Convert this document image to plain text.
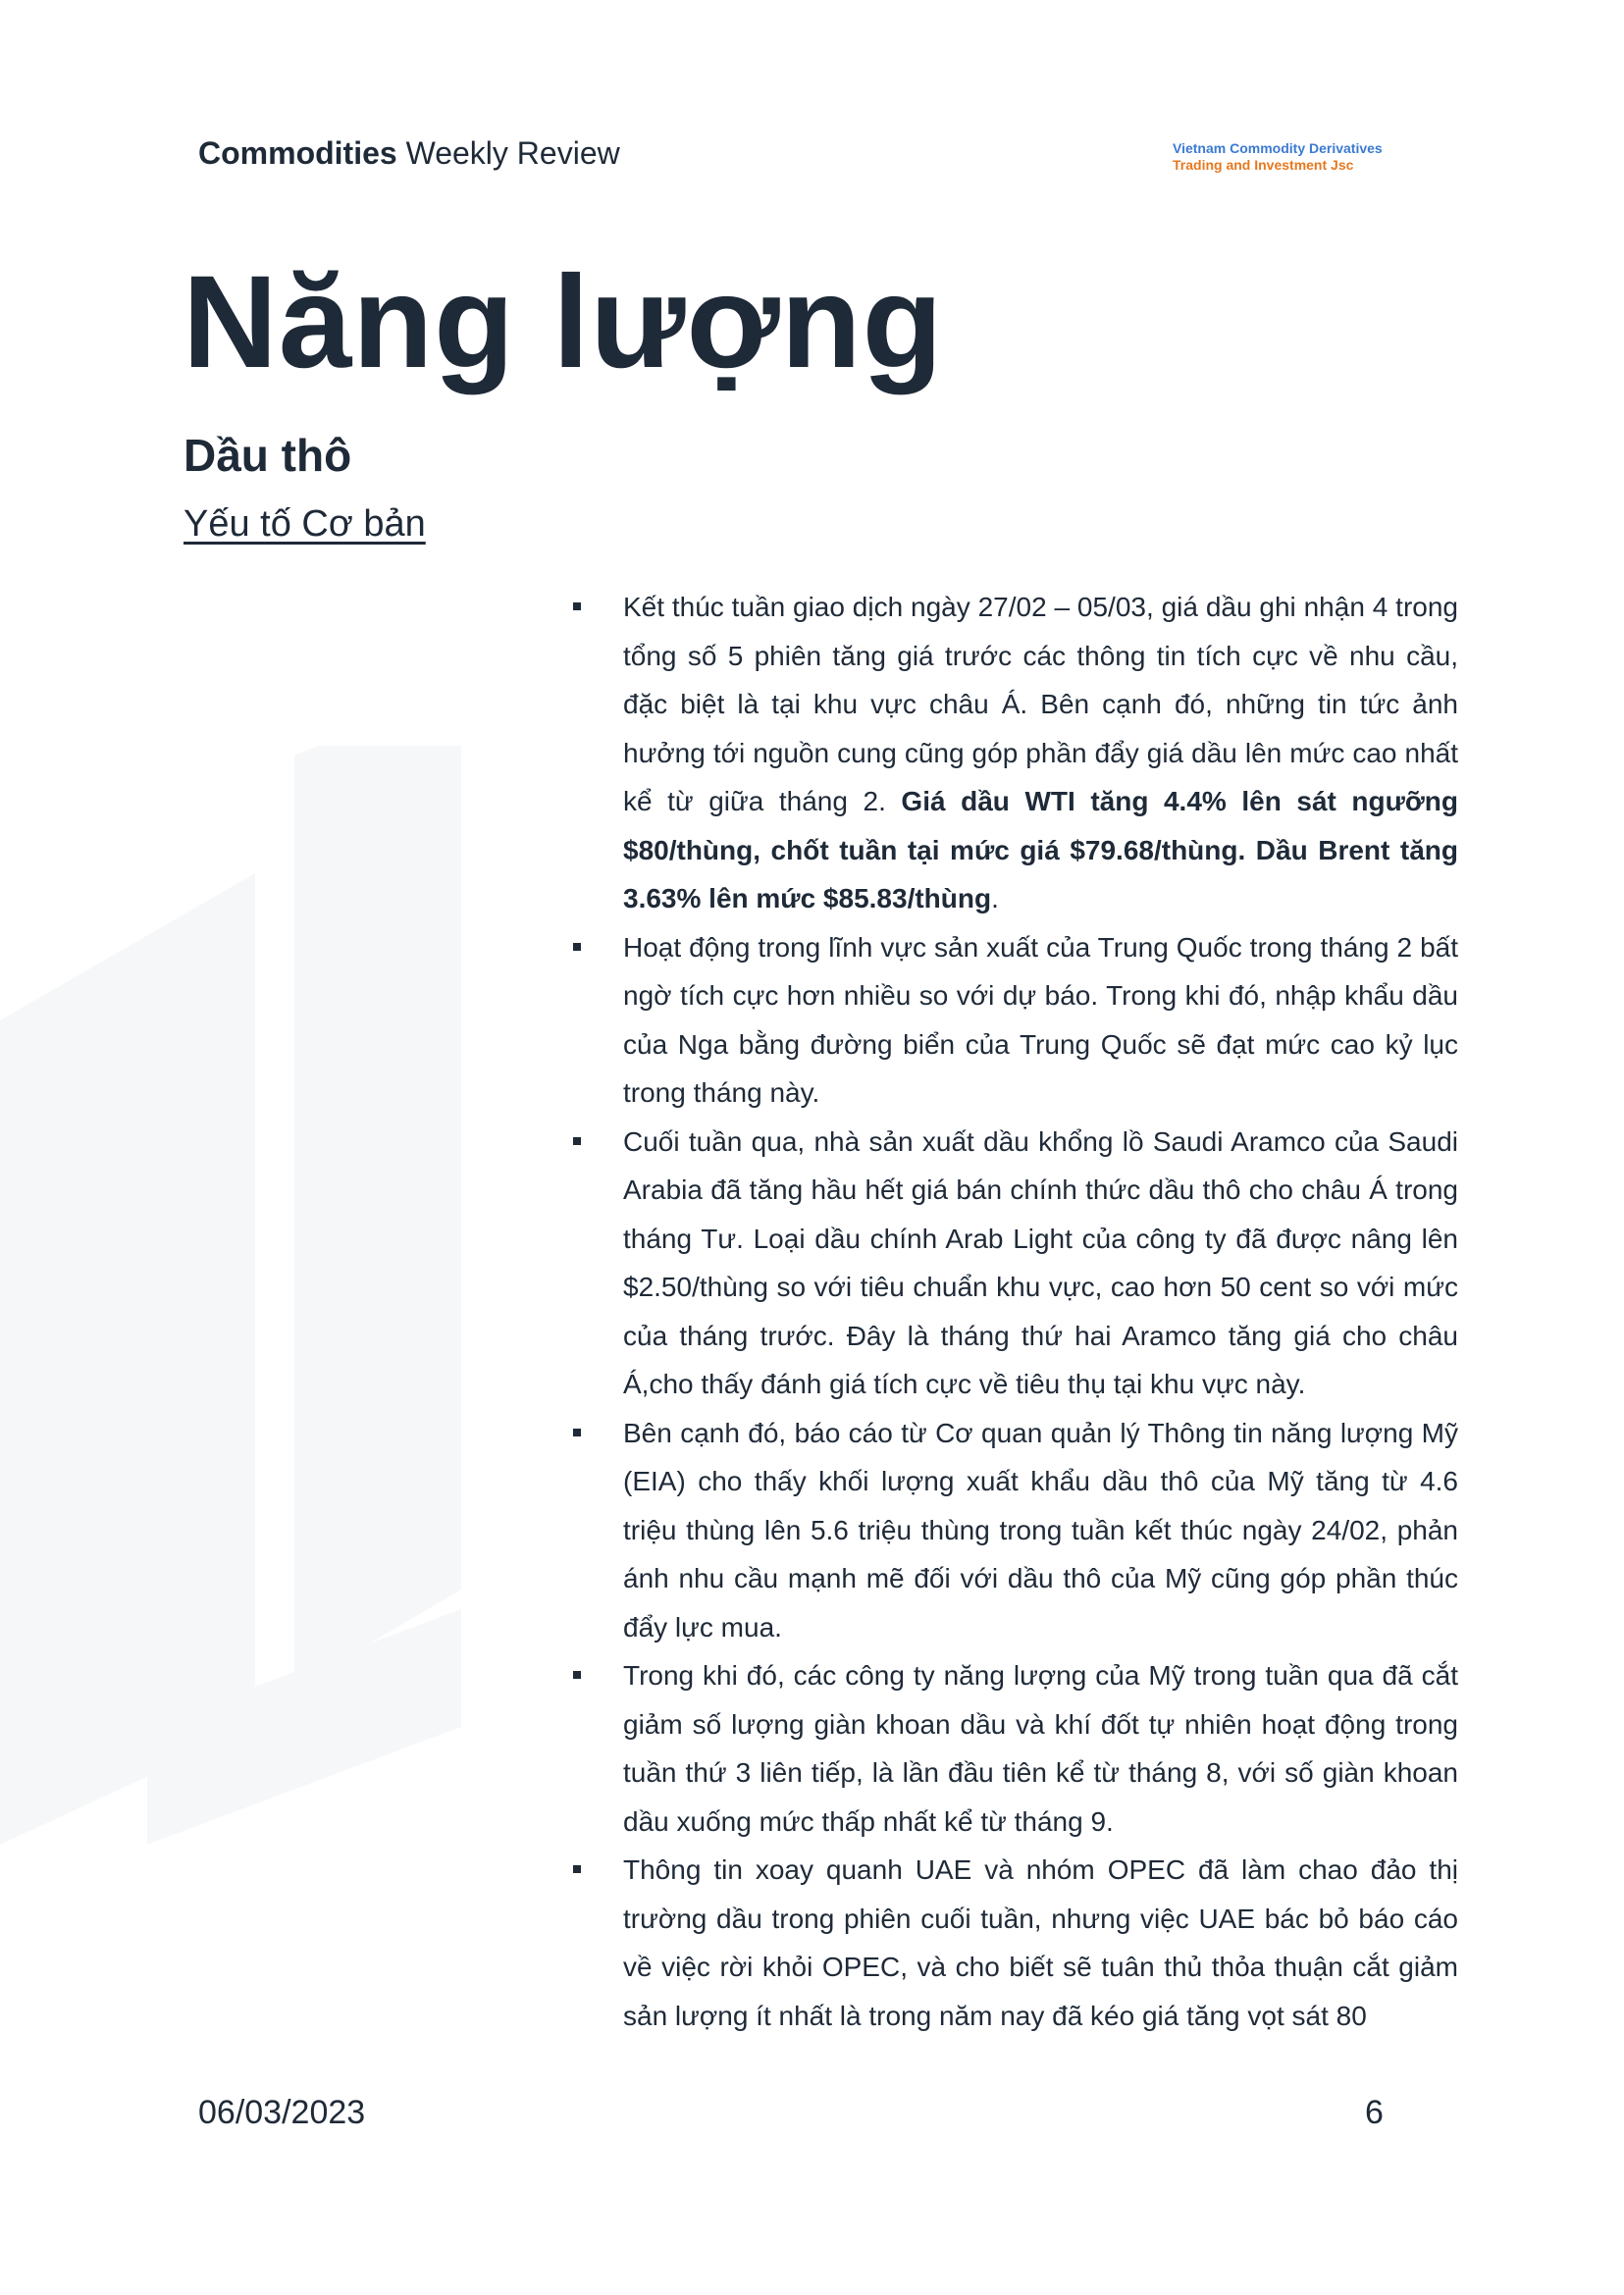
Commodities Weekly Review	Vietnam Commodity Derivatives
Trading and Investment Jsc
Năng lượng
Dầu thô
Yếu tố Cơ bản
Kết thúc tuần giao dịch ngày 27/02 – 05/03, giá dầu ghi nhận 4 trong tổng số 5 phiên tăng giá trước các thông tin tích cực về nhu cầu, đặc biệt là tại khu vực châu Á. Bên cạnh đó, những tin tức ảnh hưởng tới nguồn cung cũng góp phần đẩy giá dầu lên mức cao nhất kể từ giữa tháng 2. Giá dầu WTI tăng 4.4% lên sát ngưỡng $80/thùng, chốt tuần tại mức giá $79.68/thùng. Dầu Brent tăng 3.63% lên mức $85.83/thùng.
Hoạt động trong lĩnh vực sản xuất của Trung Quốc trong tháng 2 bất ngờ tích cực hơn nhiều so với dự báo. Trong khi đó, nhập khẩu dầu của Nga bằng đường biển của Trung Quốc sẽ đạt mức cao kỷ lục trong tháng này.
Cuối tuần qua, nhà sản xuất dầu khổng lồ Saudi Aramco của Saudi Arabia đã tăng hầu hết giá bán chính thức dầu thô cho châu Á trong tháng Tư. Loại dầu chính Arab Light của công ty đã được nâng lên $2.50/thùng so với tiêu chuẩn khu vực, cao hơn 50 cent so với mức của tháng trước. Đây là tháng thứ hai Aramco tăng giá cho châu Á,cho thấy đánh giá tích cực về tiêu thụ tại khu vực này.
Bên cạnh đó, báo cáo từ Cơ quan quản lý Thông tin năng lượng Mỹ (EIA) cho thấy khối lượng xuất khẩu dầu thô của Mỹ tăng từ 4.6 triệu thùng lên 5.6 triệu thùng trong tuần kết thúc ngày 24/02, phản ánh nhu cầu mạnh mẽ đối với dầu thô của Mỹ cũng góp phần thúc đẩy lực mua.
Trong khi đó, các công ty năng lượng của Mỹ trong tuần qua đã cắt giảm số lượng giàn khoan dầu và khí đốt tự nhiên hoạt động trong tuần thứ 3 liên tiếp, là lần đầu tiên kể từ tháng 8, với số giàn khoan dầu xuống mức thấp nhất kể từ tháng 9.
Thông tin xoay quanh UAE và nhóm OPEC đã làm chao đảo thị trường dầu trong phiên cuối tuần, nhưng việc UAE bác bỏ báo cáo về việc rời khỏi OPEC, và cho biết sẽ tuân thủ thỏa thuận cắt giảm sản lượng ít nhất là trong năm nay đã kéo giá tăng vọt sát 80
06/03/2023	6
